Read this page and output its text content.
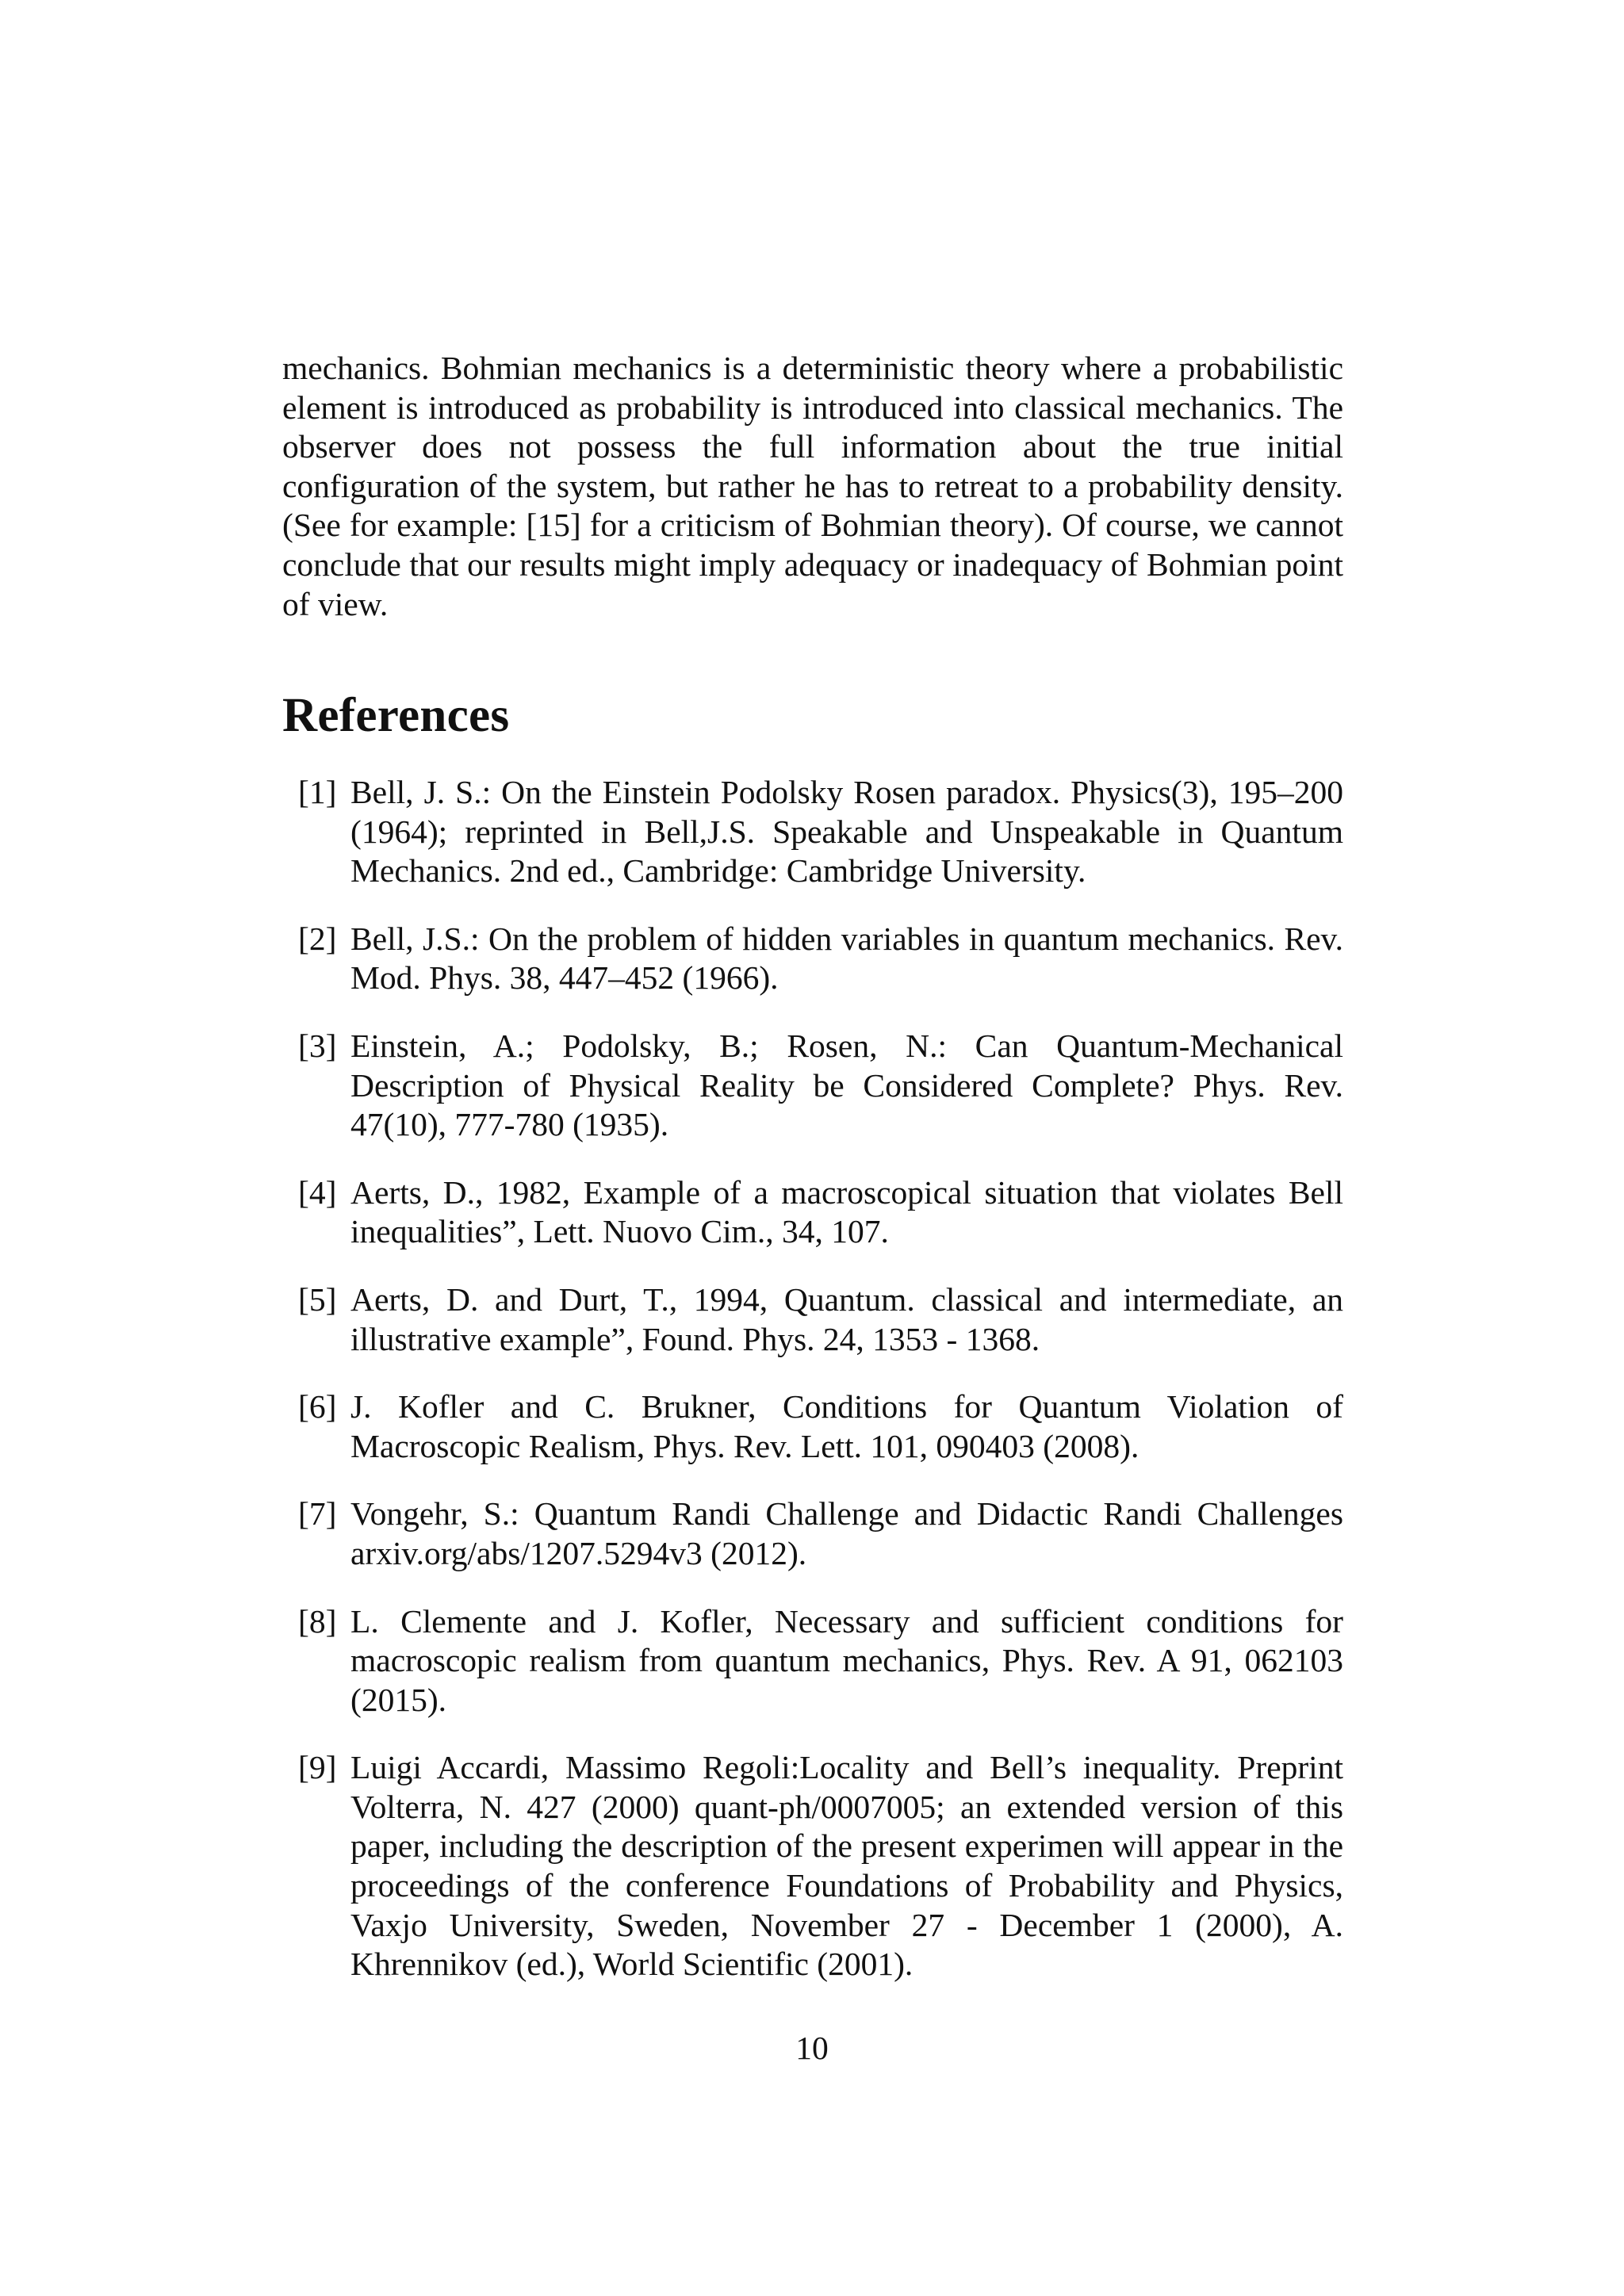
mechanics. Bohmian mechanics is a deterministic theory where a probabilistic element is introduced as probability is introduced into classical mechanics. The observer does not possess the full information about the true initial configuration of the system, but rather he has to retreat to a probability density. (See for example: [15] for a criticism of Bohmian theory). Of course, we cannot conclude that our results might imply adequacy or inadequacy of Bohmian point of view.

References
[1] Bell, J. S.: On the Einstein Podolsky Rosen paradox. Physics(3), 195–200 (1964); reprinted in Bell,J.S. Speakable and Unspeakable in Quantum Mechanics. 2nd ed., Cambridge: Cambridge University.
[2] Bell, J.S.: On the problem of hidden variables in quantum mechanics. Rev. Mod. Phys. 38, 447–452 (1966).
[3] Einstein, A.; Podolsky, B.; Rosen, N.: Can Quantum-Mechanical Description of Physical Reality be Considered Complete? Phys. Rev. 47(10), 777-780 (1935).
[4] Aerts, D., 1982, Example of a macroscopical situation that violates Bell inequalities”, Lett. Nuovo Cim., 34, 107.
[5] Aerts, D. and Durt, T., 1994, Quantum. classical and intermediate, an illustrative example”, Found. Phys. 24, 1353 - 1368.
[6] J. Kofler and C. Brukner, Conditions for Quantum Violation of Macroscopic Realism, Phys. Rev. Lett. 101, 090403 (2008).
[7] Vongehr, S.: Quantum Randi Challenge and Didactic Randi Challenges arxiv.org/abs/1207.5294v3 (2012).
[8] L. Clemente and J. Kofler, Necessary and sufficient conditions for macroscopic realism from quantum mechanics, Phys. Rev. A 91, 062103 (2015).
[9] Luigi Accardi, Massimo Regoli:Locality and Bell’s inequality. Preprint Volterra, N. 427 (2000) quant-ph/0007005; an extended version of this paper, including the description of the present experimen will appear in the proceedings of the conference Foundations of Probability and Physics, Vaxjo University, Sweden, November 27 - December 1 (2000), A. Khrennikov (ed.), World Scientific (2001).
10
